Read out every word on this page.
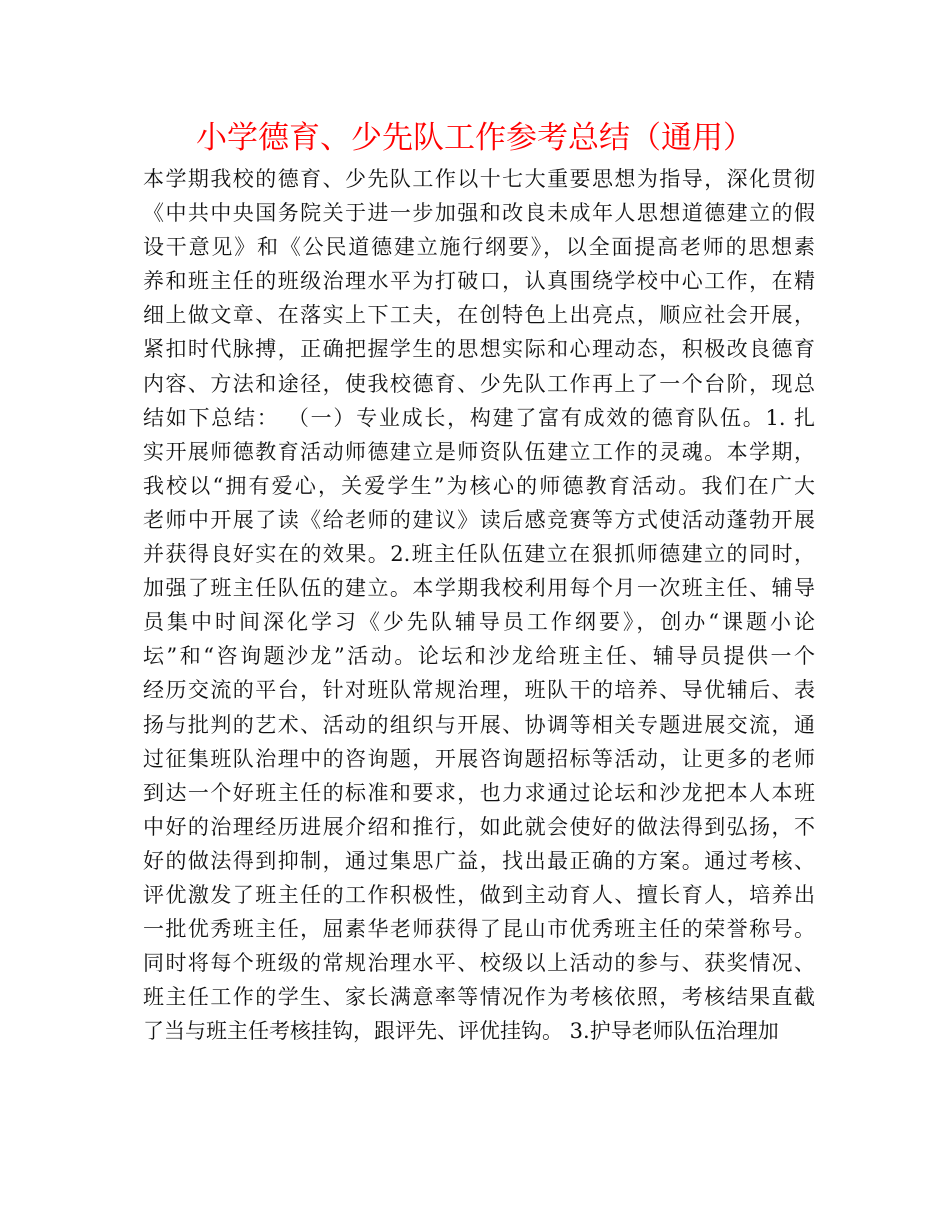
小学德育、少先队工作参考总结（通用）
本学期我校的德育、少先队工作以十七大重要思想为指导，深化贯彻
《中共中央国务院关于进一步加强和改良未成年人思想道德建立的假
设干意见》和《公民道德建立施行纲要》，以全面提高老师的思想素
养和班主任的班级治理水平为打破口，认真围绕学校中心工作，在精
细上做文章、在落实上下工夫，在创特色上出亮点，顺应社会开展，
紧扣时代脉搏，正确把握学生的思想实际和心理动态，积极改良德育
内容、方法和途径，使我校德育、少先队工作再上了一个台阶，现总
结如下总结： （一）专业成长，构建了富有成效的德育队伍。1. 扎
实开展师德教育活动师德建立是师资队伍建立工作的灵魂。本学期，
我校以“拥有爱心，关爱学生”为核心的师德教育活动。我们在广大
老师中开展了读《给老师的建议》读后感竞赛等方式使活动蓬勃开展
并获得良好实在的效果。2.班主任队伍建立在狠抓师德建立的同时，
加强了班主任队伍的建立。本学期我校利用每个月一次班主任、辅导
员集中时间深化学习《少先队辅导员工作纲要》，创办“课题小论
坛”和“咨询题沙龙”活动。论坛和沙龙给班主任、辅导员提供一个
经历交流的平台，针对班队常规治理，班队干的培养、导优辅后、表
扬与批判的艺术、活动的组织与开展、协调等相关专题进展交流，通
过征集班队治理中的咨询题，开展咨询题招标等活动，让更多的老师
到达一个好班主任的标准和要求，也力求通过论坛和沙龙把本人本班
中好的治理经历进展介绍和推行，如此就会使好的做法得到弘扬，不
好的做法得到抑制，通过集思广益，找出最正确的方案。通过考核、
评优激发了班主任的工作积极性，做到主动育人、擅长育人，培养出
一批优秀班主任，屈素华老师获得了昆山市优秀班主任的荣誉称号。
同时将每个班级的常规治理水平、校级以上活动的参与、获奖情况、
班主任工作的学生、家长满意率等情况作为考核依照，考核结果直截
了当与班主任考核挂钩，跟评先、评优挂钩。 3.护导老师队伍治理加
